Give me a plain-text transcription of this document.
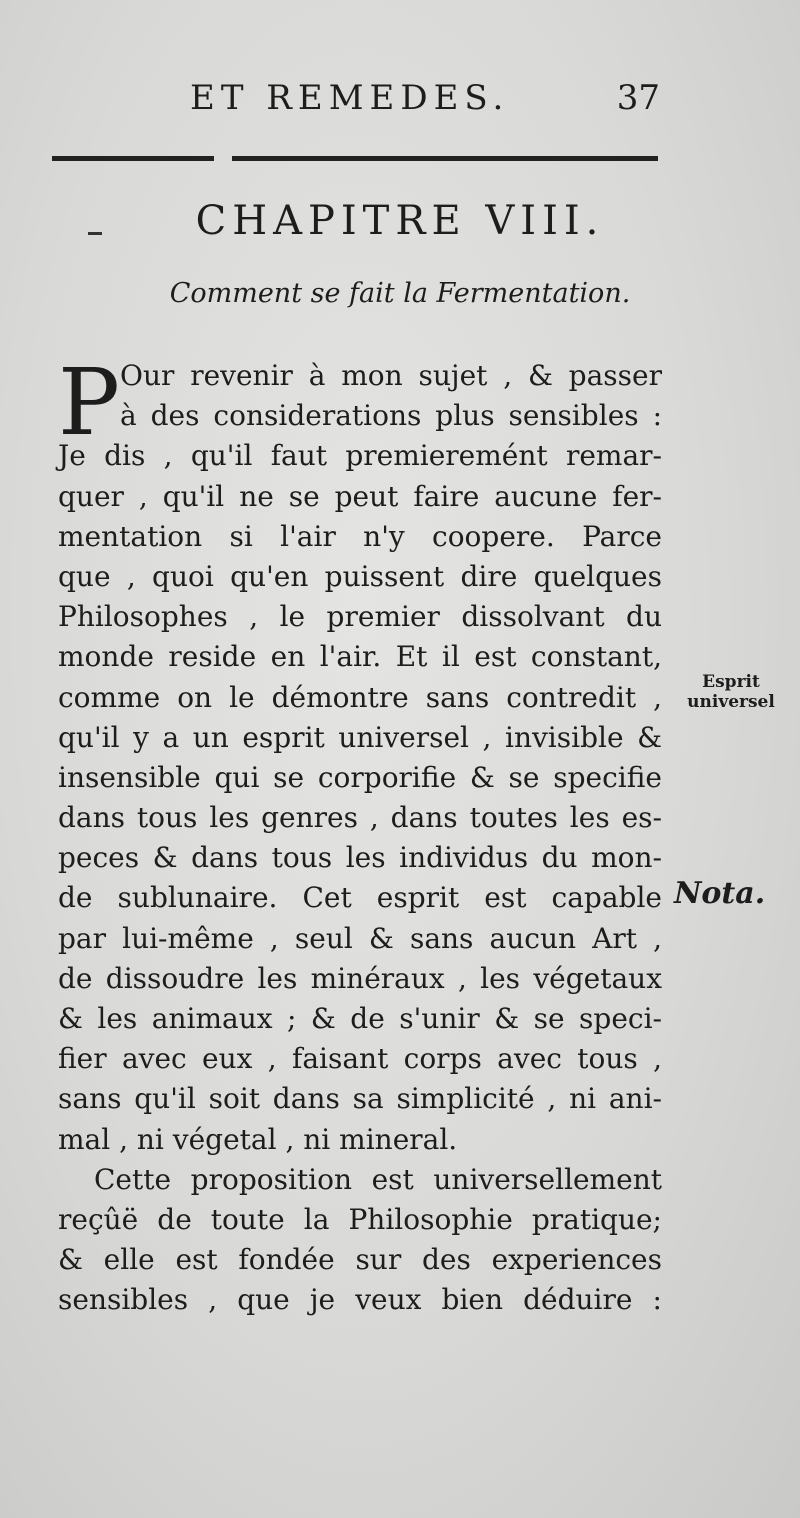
ET REMEDES.	37
CHAPITRE VIII.
Comment se fait la Fermentation.
P Our revenir à mon sujet , & passer
à des considerations plus sensibles :
Je dis , qu'il faut premieremént remar-
quer , qu'il ne se peut faire aucune fer-
mentation si l'air n'y coopere. Parce
que , quoi qu'en puissent dire quelques
Philosophes , le premier dissolvant du
monde reside en l'air. Et il est constant,
comme on le démontre sans contredit ,
qu'il y a un esprit universel , invisible &
insensible qui se corporifie & se specifie
dans tous les genres , dans toutes les es-
peces & dans tous les individus du mon-
de sublunaire. Cet esprit est capable
par lui-même , seul & sans aucun Art ,
de dissoudre les minéraux , les végetaux
& les animaux ; & de s'unir & se speci-
fier avec eux , faisant corps avec tous ,
sans qu'il soit dans sa simplicité , ni ani-
mal , ni végetal , ni mineral.
Cette proposition est universellement
reçûë de toute la Philosophie pratique;
& elle est fondée sur des experiences
sensibles , que je veux bien déduire :
Esprit
universel
Nota.
